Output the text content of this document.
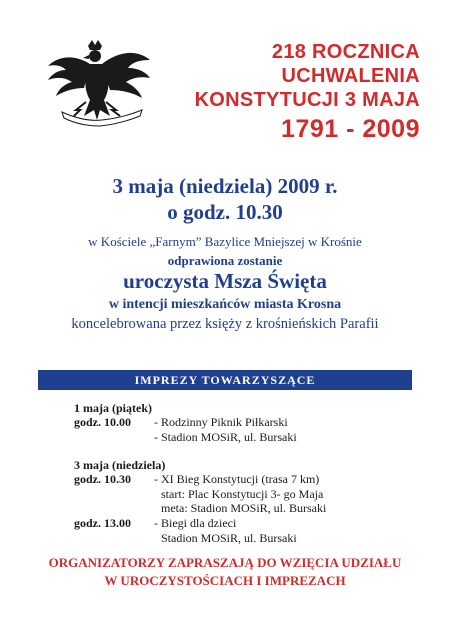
218 ROCZNICA
UCHWALENIA
KONSTYTUCJI 3 MAJA
1791 - 2009
3 maja (niedziela) 2009 r.
o godz. 10.30
w Kościele „Farnym” Bazylice Mniejszej w Krośnie
odprawiona zostanie
uroczysta Msza Święta
w intencji mieszkańców miasta Krosna
koncelebrowana przez księży z krośnieńskich Parafii
IMPREZY TOWARZYSZĄCE
1 maja (piątek)
godz. 10.00 - Rodzinny Piknik Piłkarski
- Stadion MOSiR, ul. Bursaki
3 maja (niedziela)
godz. 10.30 - XI Bieg Konstytucji (trasa 7 km)
start: Plac Konstytucji 3- go Maja
meta: Stadion MOSiR, ul. Bursaki
godz. 13.00 - Biegi dla dzieci
Stadion MOSiR, ul. Bursaki
ORGANIZATORZY ZAPRASZAJĄ DO WZIĘCIA UDZIAŁU
W UROCZYSTOŚCIACH I IMPREZACH
